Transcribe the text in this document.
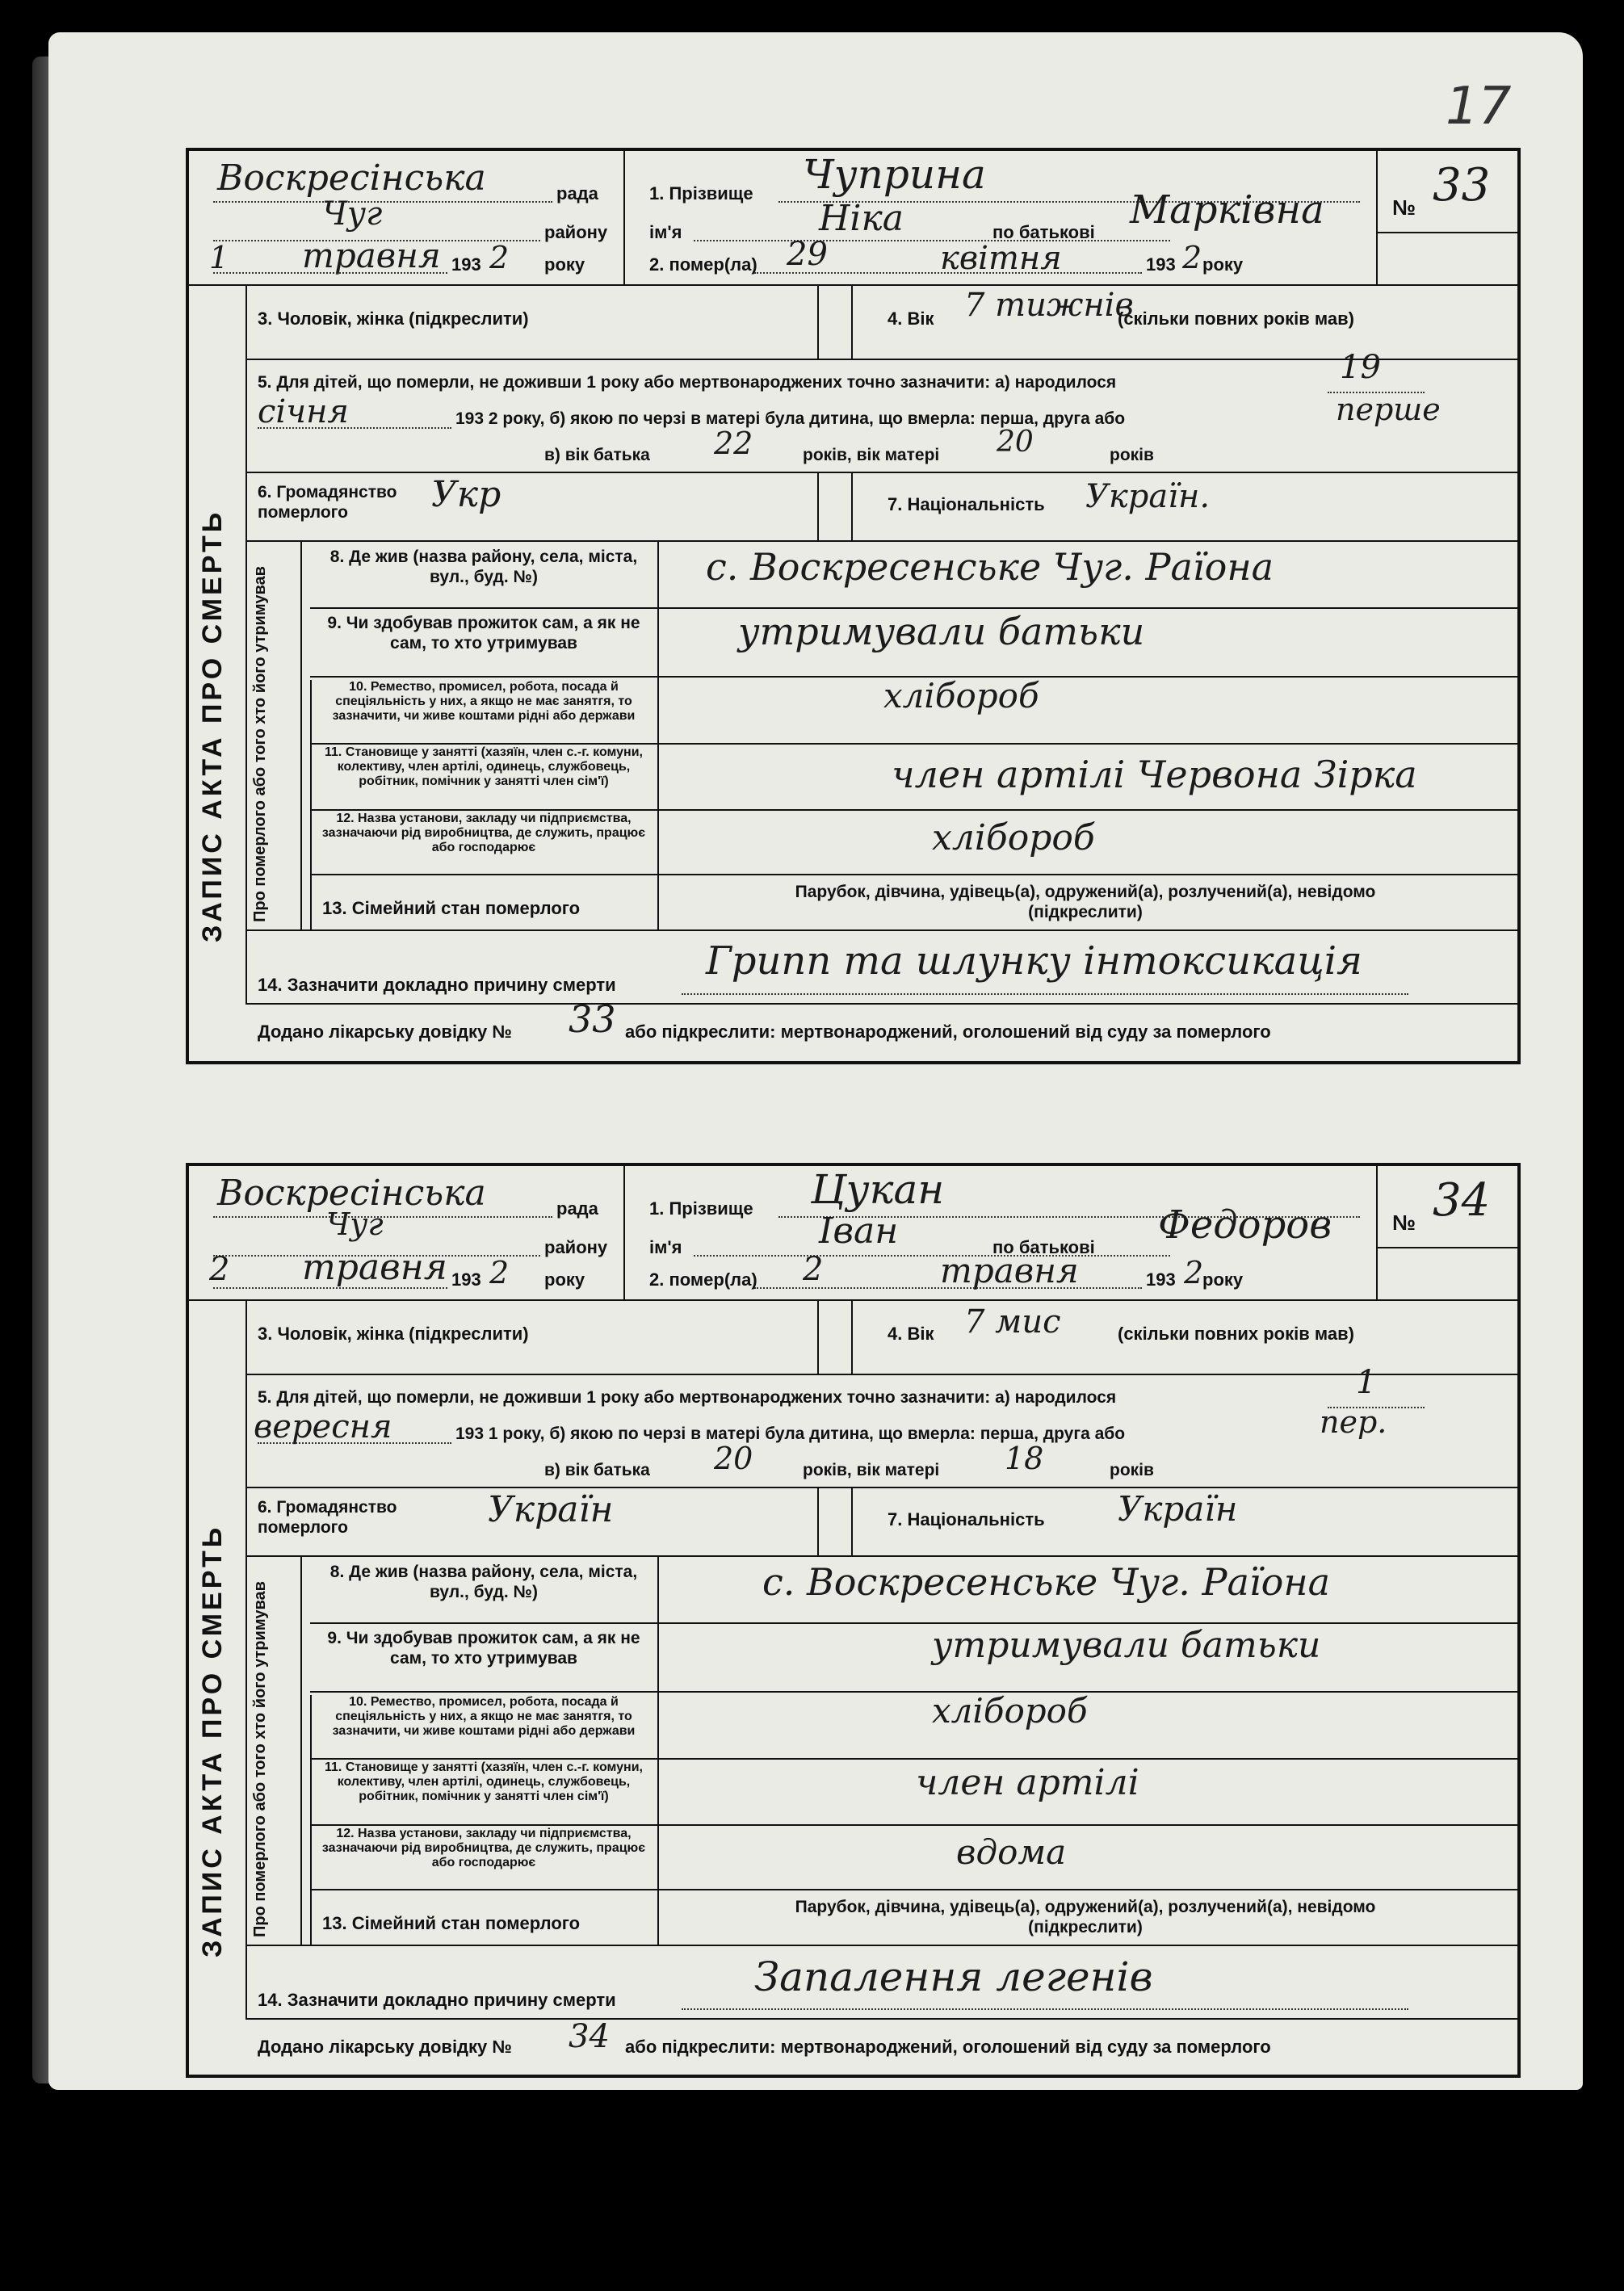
17
Воскресінська	рада
Чуг	району
1 травня 193 2 року
1. Прізвище Чуприна
ім'я	Ніка	по батькові Марківна
2. помер(ла) 29	квітня	193 2 року
№ 33
ЗАПИС АКТА ПРО СМЕРТЬ
3. Чоловік, жінка (підкреслити)	4. Вік 7 тижнів
(скільки повних років мав)
5. Для дітей, що померли, не доживши 1 року або мертвонароджених точно зазначити: а) народилося	19
січня	193 2 року, б) якою по черзі в матері була дитина, що вмерла: перша, друга або	перше
в) вік батька 22	років, вік матері 20	років
6. Громадянство померлого	Укр	7. Національність Україн.
Про померлого або того хто його утримував
8. Де жив (назва району, села, міста, вул., буд. №)	с. Воскресенське Чуг. Раїона
9. Чи здобував прожиток сам, а як не сам, то хто утримував	утримували батьки
10. Ремество, промисел, робота, посада й спеціяльність у них, а якщо не має занятгя, то зазначити, чи живе коштами рідні або держави
хлібороб
11. Становище у занятті (хазяїн, член с.-г. комуни, колективу, член артілі, одинець, службовець, робітник, помічник у занятті член сім'ї)	член артілі Червона Зірка
12. Назва установи, закладу чи підприємства, зазначаючи рід виробництва, де служить, працює або господарює	хлібороб
13. Сімейний стан померлого
Парубок, дівчина, удівець(а), одружений(а), розлучений(а), невідомо (підкреслити)
14. Зазначити докладно причину смерти
Грипп та шлунку інтоксикація
Додано лікарську довідку № 33 або підкреслити: мертвонароджений, оголошений від суду за померлого
Воскресінська	рада
Чуг
району
2 травня 193 2 року
1. Прізвище Цукан
ім'я	Іван	по батькові Федоров
2. помер(ла) 2	травня	193 2
року
№ 34
ЗАПИС АКТА ПРО СМЕРТЬ
3. Чоловік, жінка (підкреслити)	4. Вік 7 мис	(скільки повних років мав)
5. Для дітей, що померли, не доживши 1 року або мертвонароджених точно зазначити: а) народилося	1
вересня	193 1 року, б) якою по черзі в матері була дитина, що вмерла: перша, друга або	пер.
в) вік батька 20	років, вік матері 18	років
6. Громадянство померлого	Україн	7. Національність Україн
Про померлого або того хто його утримував
8. Де жив (назва району, села, міста, вул., буд. №)	с. Воскресенське Чуг. Раїона
9. Чи здобував прожиток сам, а як не сам, то хто утримував	утримували батьки
10. Ремество, промисел, робота, посада й спеціяльність у них, а якщо не має занятгя, то зазначити, чи живе коштами рідні або держави
хлібороб
11. Становище у занятті (хазяїн, член с.-г. комуни, колективу, член артілі, одинець, службовець, робітник, помічник у занятті член сім'ї)	член артілі
12. Назва установи, закладу чи підприємства, зазначаючи рід виробництва, де служить, працює або господарює	вдома
13. Сімейний стан померлого
Парубок, дівчина, удівець(а), одружений(а), розлучений(а), невідомо (підкреслити)
14. Зазначити докладно причину смерти	Запалення легенів
Додано лікарську довідку № 34 або підкреслити: мертвонароджений, оголошений від суду за померлого
